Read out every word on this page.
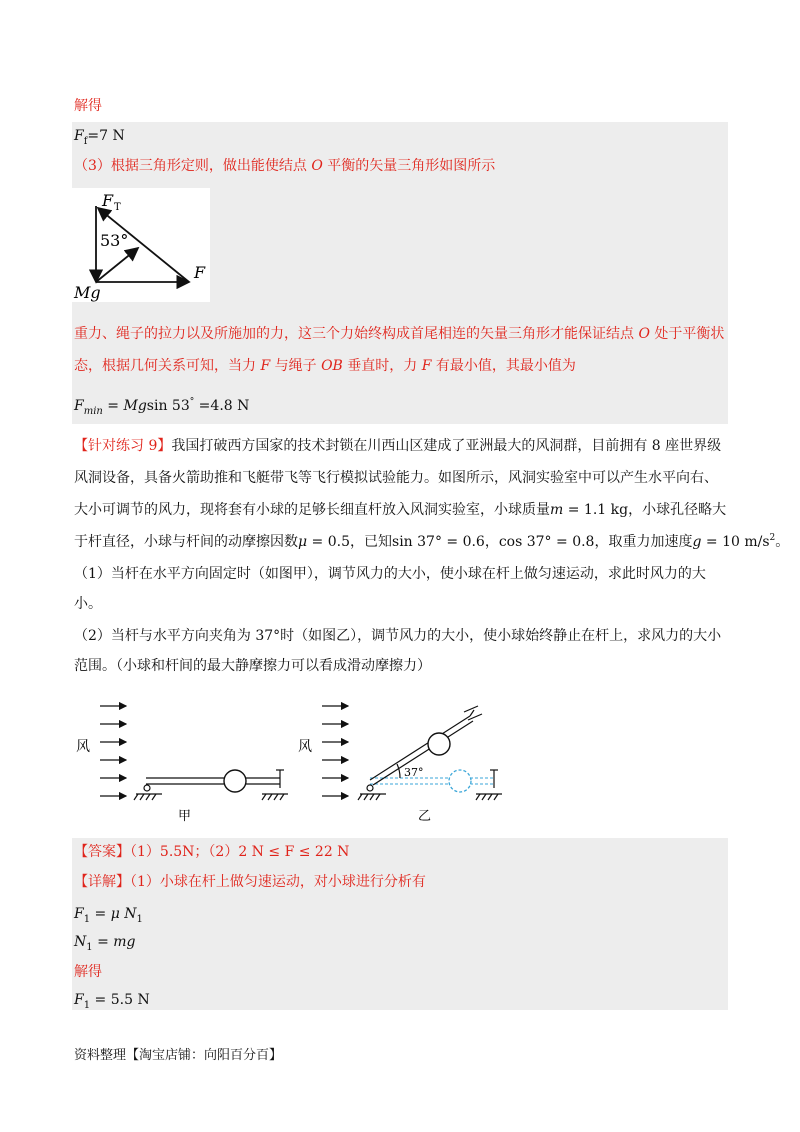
解得
$F_f=7$ N
（3）根据三角形定则，做出能使结点 O 平衡的矢量三角形如图所示
F T
53°
F
Mg
重力、绳子的拉力以及所施加的力，这三个力始终构成首尾相连的矢量三角形才能保证结点 O 处于平衡状
态，根据几何关系可知，当力 F 与绳子 OB 垂直时，力 F 有最小值，其最小值为
$F_{min} = Mgsin$ 53° =4.8 N
【针对练习 9】我国打破西方国家的技术封锁在川西山区建成了亚洲最大的风洞群，目前拥有 8 座世界级
风洞设备，具备火箭助推和飞艇带飞等飞行模拟试验能力。如图所示，风洞实验室中可以产生水平向右、
大小可调节的风力，现将套有小球的足够长细直杆放入风洞实验室，小球质量m = 1.1 kg，小球孔径略大
于杆直径，小球与杆间的动摩擦因数μ = 0.5，已知sin 37° = 0.6，cos 37° = 0.8，取重力加速度g = 10 $m/s^2$。
（1）当杆在水平方向固定时（如图甲），调节风力的大小，使小球在杆上做匀速运动，求此时风力的大
小。
（2）当杆与水平方向夹角为 37°时（如图乙），调节风力的大小，使小球始终静止在杆上，求风力的大小
范围。（小球和杆间的最大静摩擦力可以看成滑动摩擦力）
风
甲
风
37°
乙
【答案】（1）5.5N；（2）2 N ≤ F ≤ 22 N
【详解】（1）小球在杆上做匀速运动，对小球进行分析有
$F_1 = \mu$ $N_1$
$N_1$ = mg
解得
$F_1 = 5.5$ N
资料整理【淘宝店铺：向阳百分百】
